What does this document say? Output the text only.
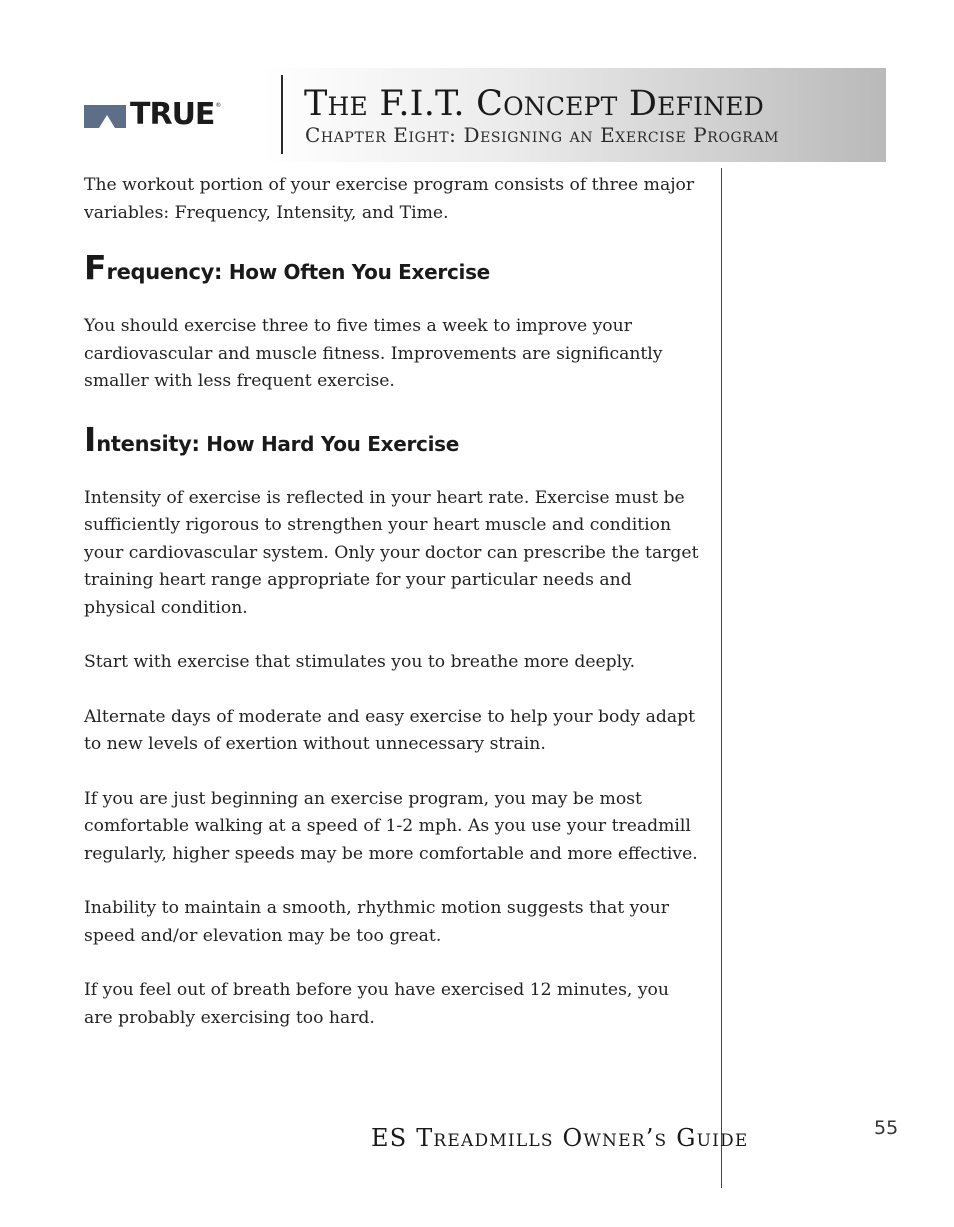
TRUE ® The F.I.T. Concept Defined
Chapter Eight: Designing an Exercise Program

The workout portion of your exercise program consists of three major variables: Frequency, Intensity, and Time.

Frequency: How Often You Exercise

You should exercise three to five times a week to improve your cardiovascular and muscle fitness. Improvements are significantly smaller with less frequent exercise.

Intensity: How Hard You Exercise

Intensity of exercise is reflected in your heart rate. Exercise must be sufficiently rigorous to strengthen your heart muscle and condition your cardiovascular system. Only your doctor can prescribe the target training heart range appropriate for your particular needs and physical condition.

Start with exercise that stimulates you to breathe more deeply.

Alternate days of moderate and easy exercise to help your body adapt to new levels of exertion without unnecessary strain.

If you are just beginning an exercise program, you may be most comfortable walking at a speed of 1-2 mph. As you use your treadmill regularly, higher speeds may be more comfortable and more effective.

Inability to maintain a smooth, rhythmic motion suggests that your speed and/or elevation may be too great.

If you feel out of breath before you have exercised 12 minutes, you are probably exercising too hard.

ES Treadmills Owner’s Guide	55
